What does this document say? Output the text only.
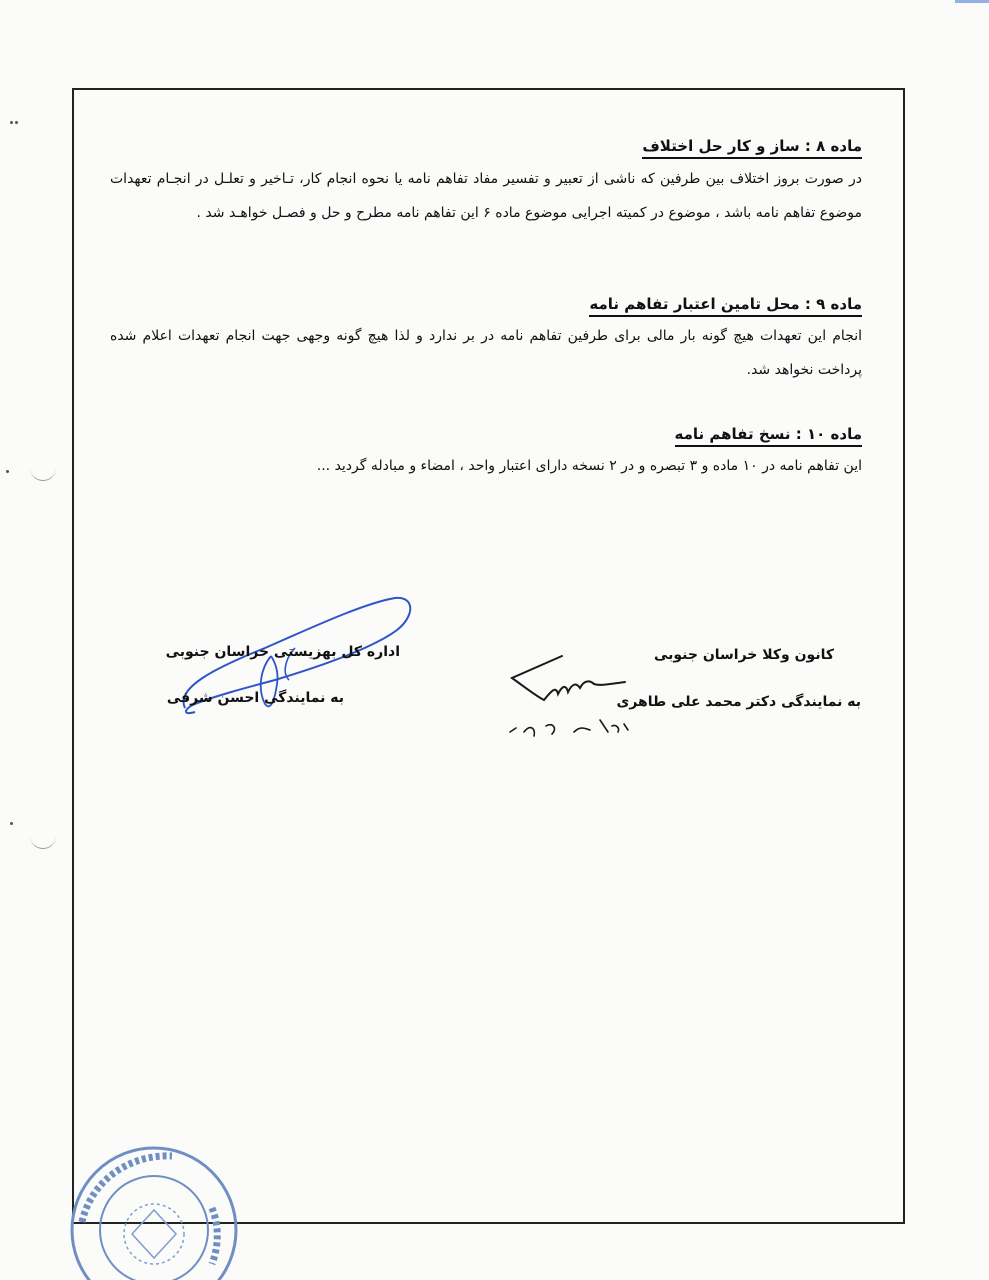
ماده ۸ : ساز و کار حل اختلاف
در صورت بروز اختلاف بین طرفین که ناشی از تعبیر و تفسیر مفاد تفاهم نامه یا نحوه انجام کار، تـاخیر و تعلـل در انجـام تعهدات موضوع تفاهم نامه باشد ، موضوع در کمیته اجرایی موضوع ماده ۶ این تفاهم نامه مطرح و حل و فصـل خواهـد شد .
ماده ۹ : محل تامین اعتبار تفاهم نامه
انجام این تعهدات هیچ گونه بار مالی برای طرفین تفاهم نامه در بر ندارد و لذا هیچ گونه وجهی جهت انجام تعهدات اعلام شده پرداخت نخواهد شد.
ماده ۱۰ : نسخ تفاهم نامه
این تفاهم نامه در ۱۰ ماده و ۳ تبصره و در ۲ نسخه دارای اعتبار واحد ، امضاء و مبادله گردید ...
کانون وکلا خراسان جنوبی
به نمایندگی دکتر محمد علی طاهری
اداره کل بهزیستی خراسان جنوبی
به نمایندگی احسن شرفی
